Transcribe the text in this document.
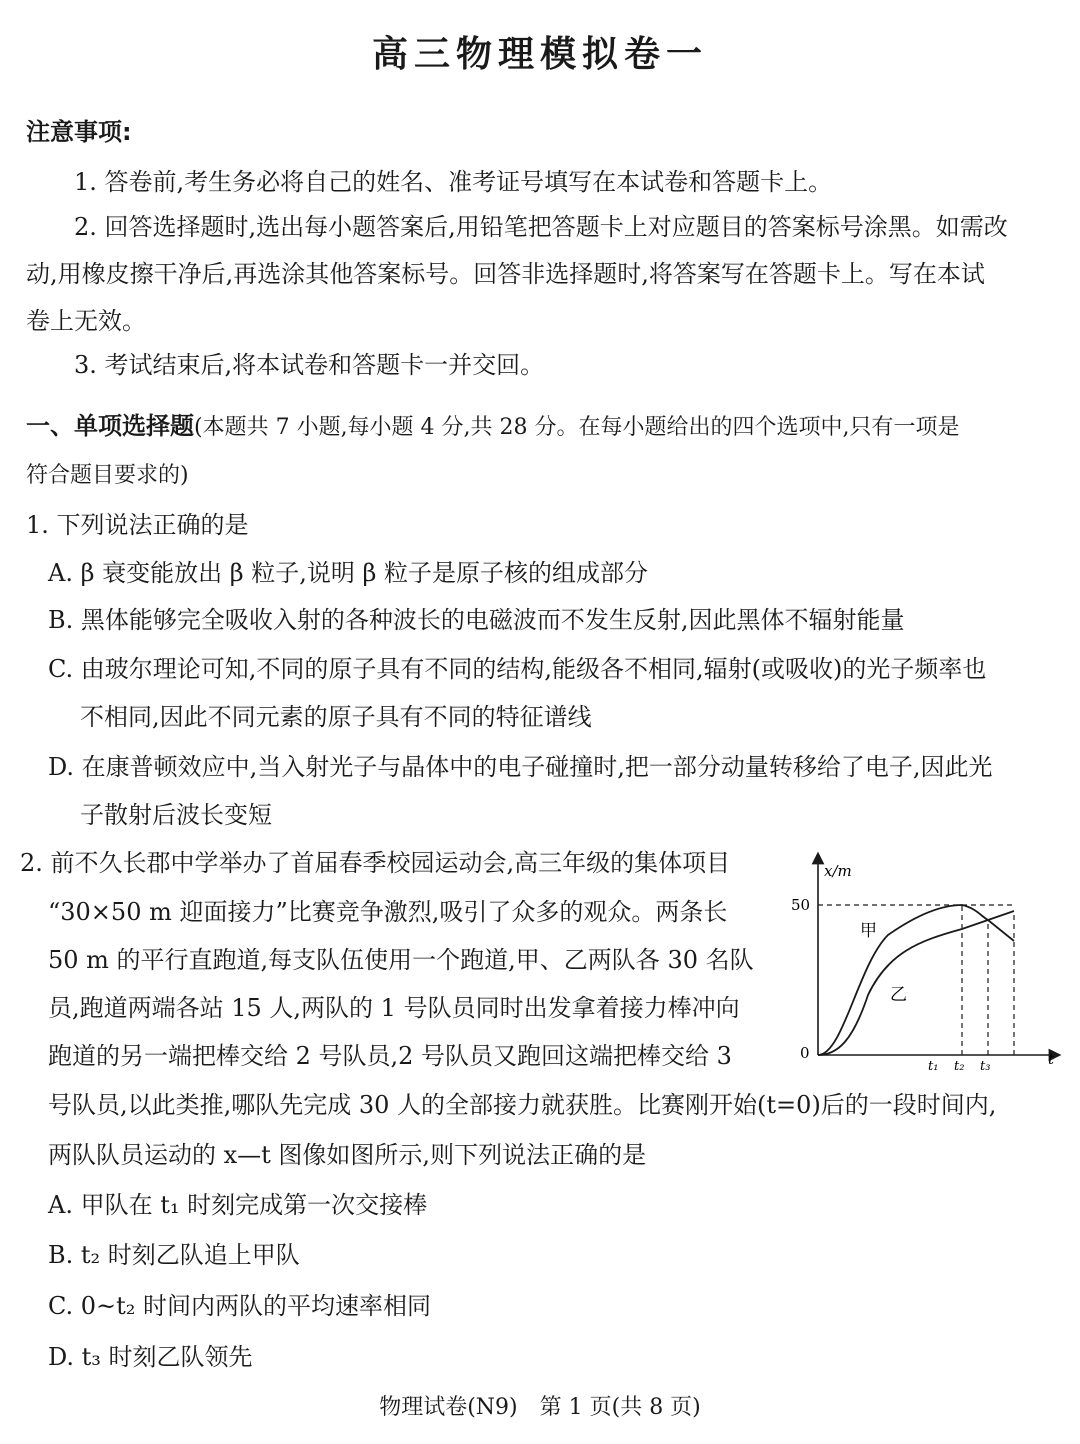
高三物理模拟卷一
注意事项:
1. 答卷前,考生务必将自己的姓名、准考证号填写在本试卷和答题卡上。
2. 回答选择题时,选出每小题答案后,用铅笔把答题卡上对应题目的答案标号涂黑。如需改
动,用橡皮擦干净后,再选涂其他答案标号。回答非选择题时,将答案写在答题卡上。写在本试
卷上无效。
3. 考试结束后,将本试卷和答题卡一并交回。
一、单项选择题(本题共 7 小题,每小题 4 分,共 28 分。在每小题给出的四个选项中,只有一项是
符合题目要求的)
1. 下列说法正确的是
A. β 衰变能放出 β 粒子,说明 β 粒子是原子核的组成部分
B. 黑体能够完全吸收入射的各种波长的电磁波而不发生反射,因此黑体不辐射能量
C. 由玻尔理论可知,不同的原子具有不同的结构,能级各不相同,辐射(或吸收)的光子频率也
不相同,因此不同元素的原子具有不同的特征谱线
D. 在康普顿效应中,当入射光子与晶体中的电子碰撞时,把一部分动量转移给了电子,因此光
子散射后波长变短
2. 前不久长郡中学举办了首届春季校园运动会,高三年级的集体项目
“30×50 m 迎面接力”比赛竞争激烈,吸引了众多的观众。两条长
50 m 的平行直跑道,每支队伍使用一个跑道,甲、乙两队各 30 名队
员,跑道两端各站 15 人,两队的 1 号队员同时出发拿着接力棒冲向
跑道的另一端把棒交给 2 号队员,2 号队员又跑回这端把棒交给 3
号队员,以此类推,哪队先完成 30 人的全部接力就获胜。比赛刚开始(t=0)后的一段时间内,
两队队员运动的 x—t 图像如图所示,则下列说法正确的是
A. 甲队在 t₁ 时刻完成第一次交接棒
B. t₂ 时刻乙队追上甲队
C. 0~t₂ 时间内两队的平均速率相同
D. t₃ 时刻乙队领先
x/m
t
0
50
t₁ t₂ t₃
甲
乙
物理试卷(N9)　第 1 页(共 8 页)
